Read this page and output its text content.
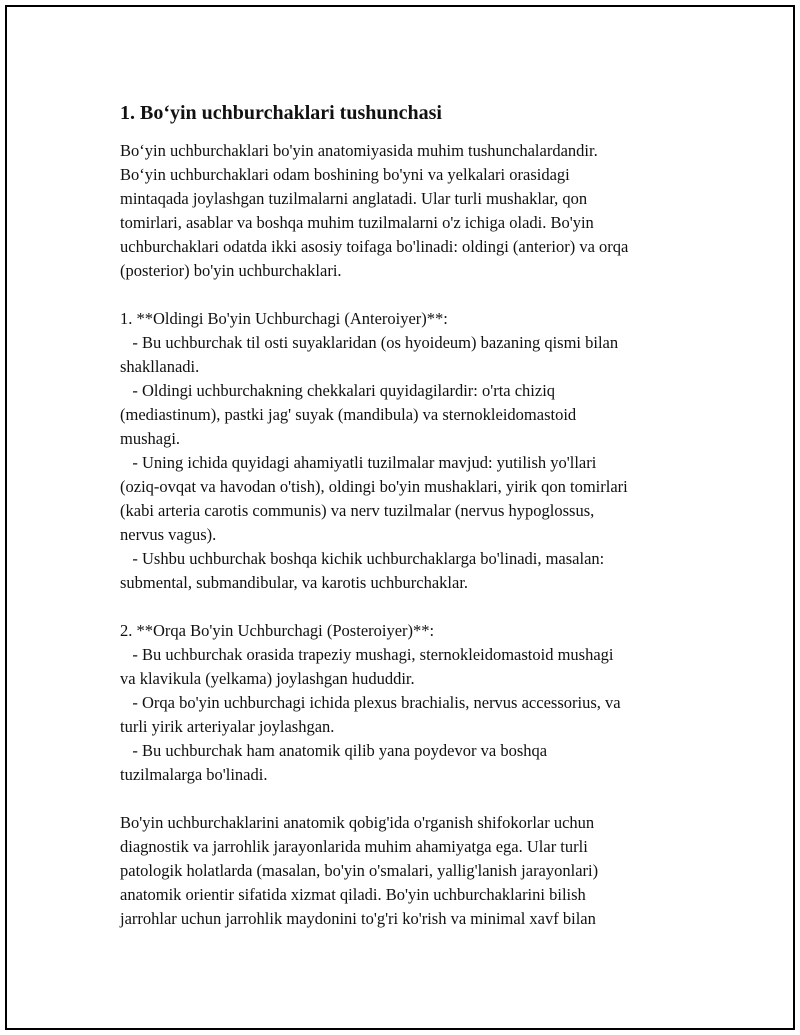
1. Bo‘yin uchburchaklari tushunchasi

Bo‘yin uchburchaklari bo'yin anatomiyasida muhim tushunchalardandir.

Bo‘yin uchburchaklari odam boshining bo'yni va yelkalari orasidagi

mintaqada joylashgan tuzilmalarni anglatadi. Ular turli mushaklar, qon

tomirlari, asablar va boshqa muhim tuzilmalarni o'z ichiga oladi. Bo'yin

uchburchaklari odatda ikki asosiy toifaga bo'linadi: oldingi (anterior) va orqa

(posterior) bo'yin uchburchaklari.

1. **Oldingi Bo'yin Uchburchagi (Anteroiyer)**:

- Bu uchburchak til osti suyaklaridan (os hyoideum) bazaning qismi bilan

shakllanadi.

- Oldingi uchburchakning chekkalari quyidagilardir: o'rta chiziq

(mediastinum), pastki jag' suyak (mandibula) va sternokleidomastoid

mushagi.

- Uning ichida quyidagi ahamiyatli tuzilmalar mavjud: yutilish yo'llari

(oziq-ovqat va havodan o'tish), oldingi bo'yin mushaklari, yirik qon tomirlari

(kabi arteria carotis communis) va nerv tuzilmalar (nervus hypoglossus,

nervus vagus).

- Ushbu uchburchak boshqa kichik uchburchaklarga bo'linadi, masalan:

submental, submandibular, va karotis uchburchaklar.

2. **Orqa Bo'yin Uchburchagi (Posteroiyer)**:

- Bu uchburchak orasida trapeziy mushagi, sternokleidomastoid mushagi

va klavikula (yelkama) joylashgan hududdir.

- Orqa bo'yin uchburchagi ichida plexus brachialis, nervus accessorius, va

turli yirik arteriyalar joylashgan.

- Bu uchburchak ham anatomik qilib yana poydevor va boshqa

tuzilmalarga bo'linadi.

Bo'yin uchburchaklarini anatomik qobig'ida o'rganish shifokorlar uchun

diagnostik va jarrohlik jarayonlarida muhim ahamiyatga ega. Ular turli

patologik holatlarda (masalan, bo'yin o'smalari, yallig'lanish jarayonlari)

anatomik orientir sifatida xizmat qiladi. Bo'yin uchburchaklarini bilish

jarrohlar uchun jarrohlik maydonini to'g'ri ko'rish va minimal xavf bilan
